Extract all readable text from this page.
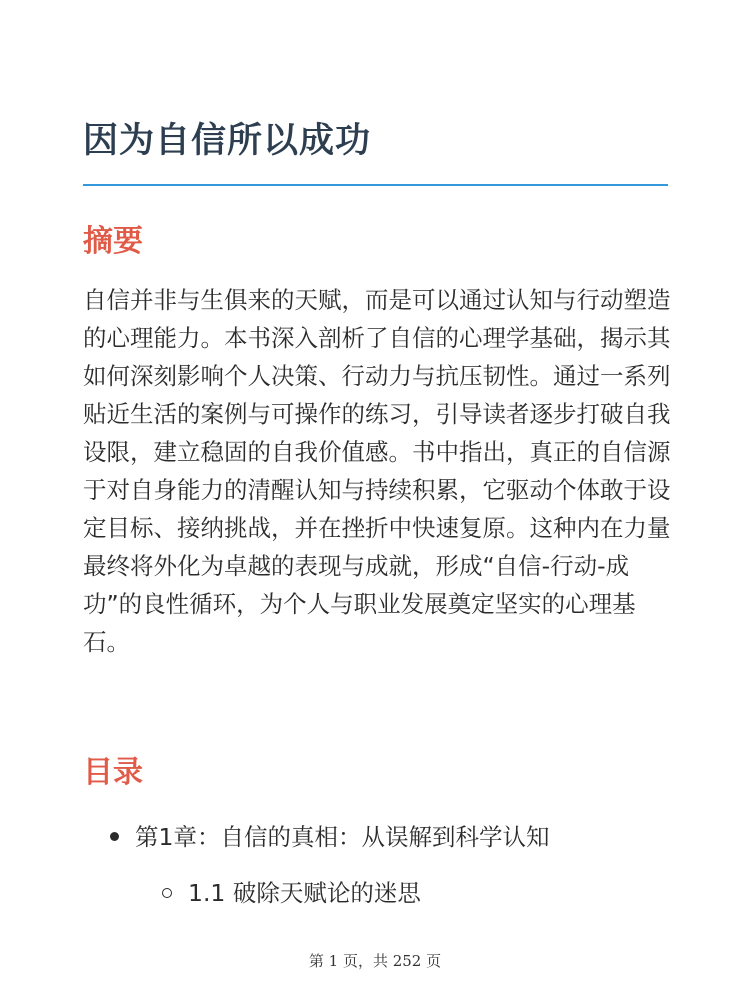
因为自信所以成功
摘要

自信并非与生俱来的天赋，而是可以通过认知与行动塑造的心理能力。本书深入剖析了自信的心理学基础，揭示其如何深刻影响个人决策、行动力与抗压韧性。通过一系列贴近生活的案例与可操作的练习，引导读者逐步打破自我设限，建立稳固的自我价值感。书中指出，真正的自信源于对自身能力的清醒认知与持续积累，它驱动个体敢于设定目标、接纳挑战，并在挫折中快速复原。这种内在力量最终将外化为卓越的表现与成就，形成“自信-行动-成功”的良性循环，为个人与职业发展奠定坚实的心理基石。

目录
第1章：自信的真相：从误解到科学认知
1.1 破除天赋论的迷思
第 1 页，共 252 页
